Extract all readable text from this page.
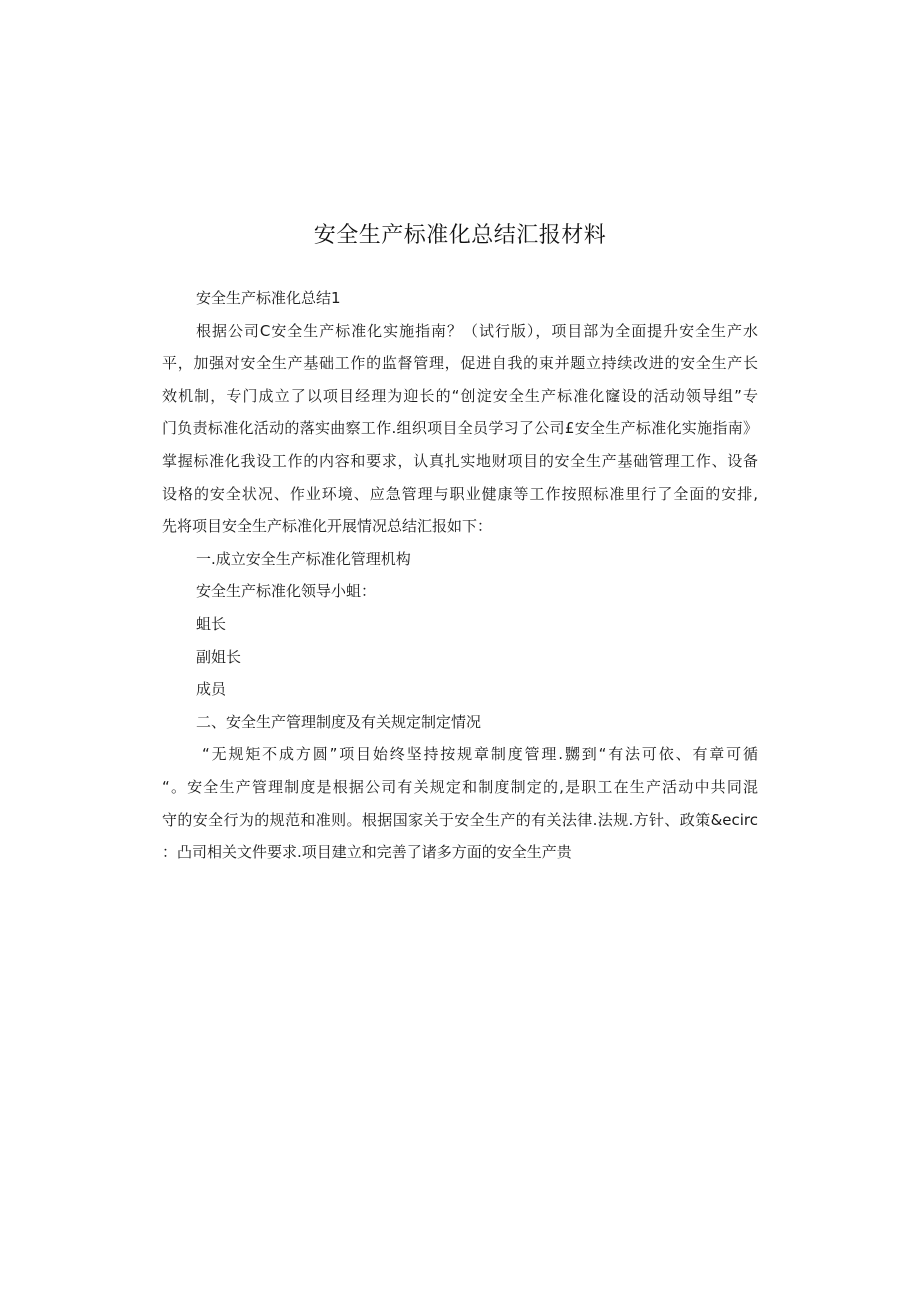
安全生产标准化总结汇报材料
安全生产标准化总结1
根据公司C安全生产标准化实施指南？（试行版），项目部为全面提升安全生产水
平，加强对安全生产基础工作的监督管理，促进自我的束并题立持续改进的安全生产长
效机制，专门成立了以项目经理为迎长的“创淀安全生产标准化窿设的活动领导组”专
门负责标准化活动的落实曲察工作.组织项目全员学习了公司£安全生产标准化实施指南》
掌握标准化我设工作的内容和要求，认真扎实地财项目的安全生产基础管理工作、设备
设格的安全状况、作业环境、应急管理与职业健康等工作按照标准里行了全面的安排,
先将项目安全生产标准化开展情况总结汇报如下：
一.成立安全生产标准化管理机构
安全生产标准化领导小蛆：
蛆长
副姐长
成员
二、安全生产管理制度及有关规定制定情况
“无规矩不成方圆”项目始终坚持按规章制度管理.嬲到“有法可依、有章可循
“。安全生产管理制度是根据公司有关规定和制度制定的,是职工在生产活动中共同混
守的安全行为的规范和准则。根据国家关于安全生产的有关法律.法规.方针、政策&ecirc
：凸司相关文件要求.项目建立和完善了诸多方面的安全生产贵
